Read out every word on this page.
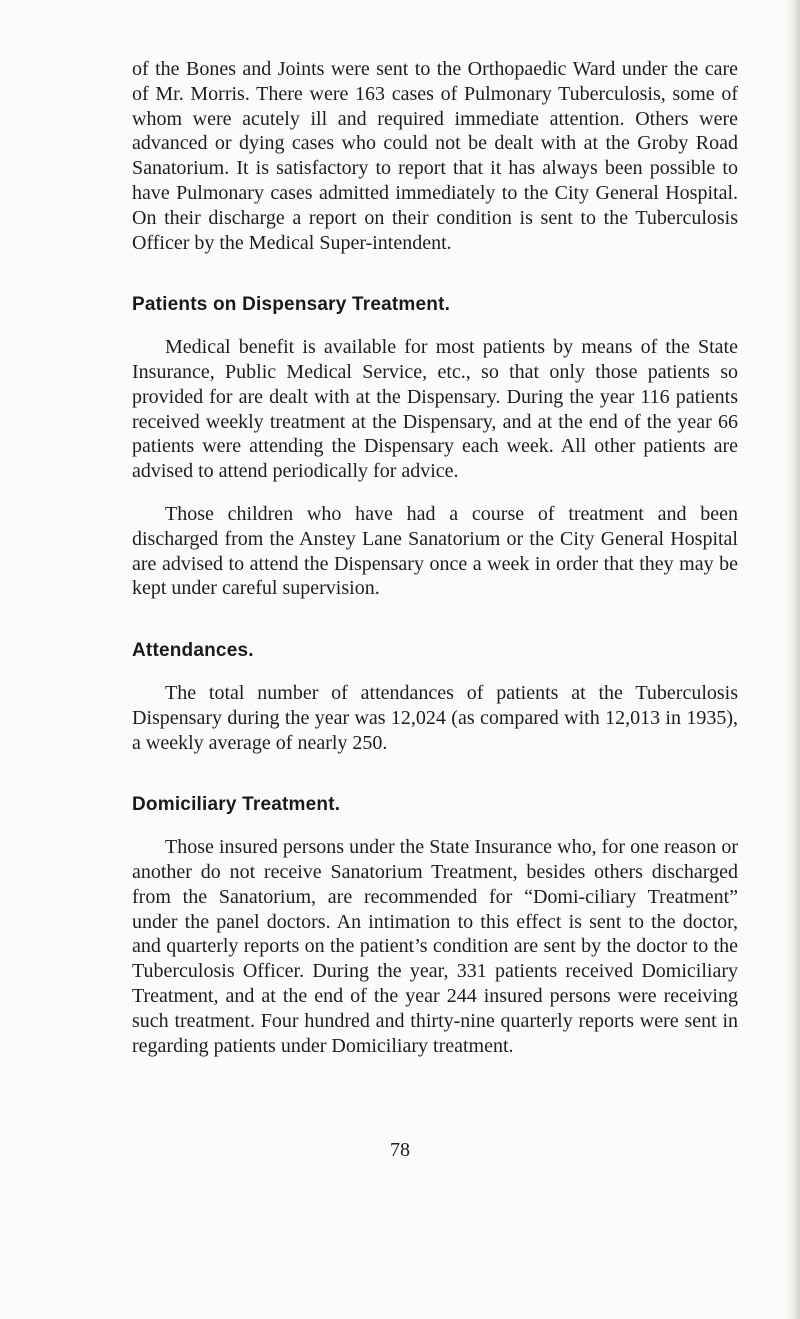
of the Bones and Joints were sent to the Orthopaedic Ward under the care of Mr. Morris. There were 163 cases of Pulmonary Tuberculosis, some of whom were acutely ill and required immediate attention. Others were advanced or dying cases who could not be dealt with at the Groby Road Sanatorium. It is satisfactory to report that it has always been possible to have Pulmonary cases admitted immediately to the City General Hospital. On their discharge a report on their condition is sent to the Tuberculosis Officer by the Medical Super-intendent.

Patients on Dispensary Treatment.

Medical benefit is available for most patients by means of the State Insurance, Public Medical Service, etc., so that only those patients so provided for are dealt with at the Dispensary. During the year 116 patients received weekly treatment at the Dispensary, and at the end of the year 66 patients were attending the Dispensary each week. All other patients are advised to attend periodically for advice.

Those children who have had a course of treatment and been discharged from the Anstey Lane Sanatorium or the City General Hospital are advised to attend the Dispensary once a week in order that they may be kept under careful supervision.

Attendances.

The total number of attendances of patients at the Tuberculosis Dispensary during the year was 12,024 (as compared with 12,013 in 1935), a weekly average of nearly 250.

Domiciliary Treatment.

Those insured persons under the State Insurance who, for one reason or another do not receive Sanatorium Treatment, besides others discharged from the Sanatorium, are recommended for “Domi-ciliary Treatment” under the panel doctors. An intimation to this effect is sent to the doctor, and quarterly reports on the patient’s condition are sent by the doctor to the Tuberculosis Officer. During the year, 331 patients received Domiciliary Treatment, and at the end of the year 244 insured persons were receiving such treatment. Four hundred and thirty-nine quarterly reports were sent in regarding patients under Domiciliary treatment.

78
